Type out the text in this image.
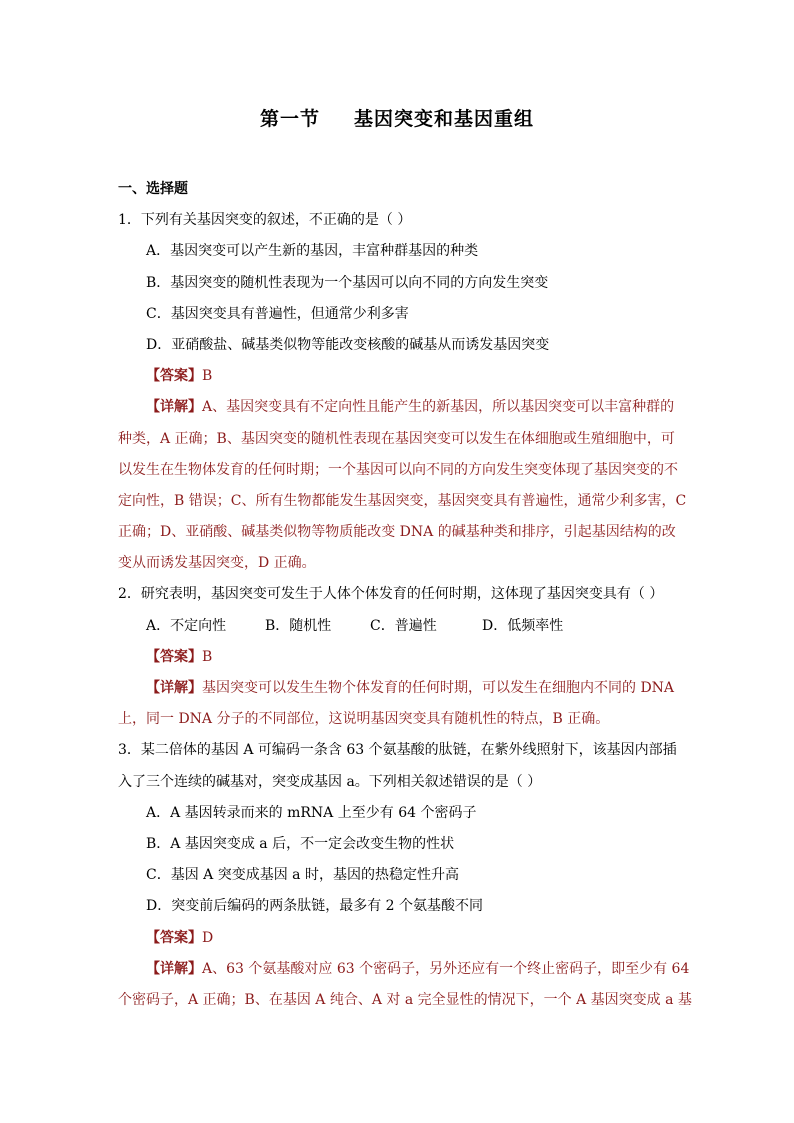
第一节 基因突变和基因重组
一、选择题
1．下列有关基因突变的叙述，不正确的是（ ）
A．基因突变可以产生新的基因，丰富种群基因的种类
B．基因突变的随机性表现为一个基因可以向不同的方向发生突变
C．基因突变具有普遍性，但通常少利多害
D．亚硝酸盐、碱基类似物等能改变核酸的碱基从而诱发基因突变
【答案】B
【详解】A、基因突变具有不定向性且能产生的新基因，所以基因突变可以丰富种群的
种类，A 正确；B、基因突变的随机性表现在基因突变可以发生在体细胞或生殖细胞中，可
以发生在生物体发育的任何时期；一个基因可以向不同的方向发生突变体现了基因突变的不
定向性，B 错误；C、所有生物都能发生基因突变，基因突变具有普遍性，通常少利多害，C
正确；D、亚硝酸、碱基类似物等物质能改变 DNA 的碱基种类和排序，引起基因结构的改
变从而诱发基因突变，D 正确。
2．研究表明，基因突变可发生于人体个体发育的任何时期，这体现了基因突变具有（ ）
A．不定向性	B．随机性	C．普遍性	D．低频率性
【答案】B
【详解】基因突变可以发生生物个体发育的任何时期，可以发生在细胞内不同的 DNA
上，同一 DNA 分子的不同部位，这说明基因突变具有随机性的特点，B 正确。
3．某二倍体的基因 A 可编码一条含 63 个氨基酸的肽链，在紫外线照射下，该基因内部插
入了三个连续的碱基对，突变成基因 a。下列相关叙述错误的是（ ）
A．A 基因转录而来的 mRNA 上至少有 64 个密码子
B．A 基因突变成 a 后，不一定会改变生物的性状
C．基因 A 突变成基因 a 时，基因的热稳定性升高
D．突变前后编码的两条肽链，最多有 2 个氨基酸不同
【答案】D
【详解】A、63 个氨基酸对应 63 个密码子，另外还应有一个终止密码子，即至少有 64
个密码子，A 正确；B、在基因 A 纯合、A 对 a 完全显性的情况下，一个 A 基因突变成 a 基
